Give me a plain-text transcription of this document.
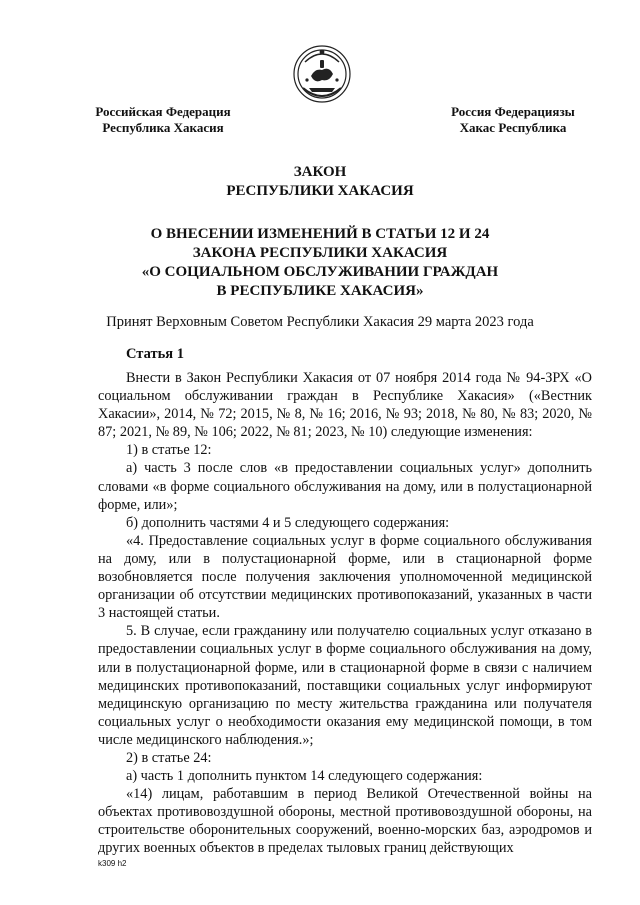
Российская Федерация
Республика Хакасия
Россия Федерациязы
Хакас Республика
ЗАКОН
РЕСПУБЛИКИ ХАКАСИЯ
О ВНЕСЕНИИ ИЗМЕНЕНИЙ В СТАТЬИ 12 И 24
ЗАКОНА РЕСПУБЛИКИ ХАКАСИЯ
«О СОЦИАЛЬНОМ ОБСЛУЖИВАНИИ ГРАЖДАН
В РЕСПУБЛИКЕ ХАКАСИЯ»
Принят Верховным Советом Республики Хакасия 29 марта 2023 года
Статья 1

Внести в Закон Республики Хакасия от 07 ноября 2014 года № 94-ЗРХ «О социальном обслуживании граждан в Республике Хакасия» («Вестник Хакасии», 2014, № 72; 2015, № 8, № 16; 2016, № 93; 2018, № 80, № 83; 2020, № 87; 2021, № 89, № 106; 2022, № 81; 2023, № 10) следующие изменения:

1) в статье 12:

а) часть 3 после слов «в предоставлении социальных услуг» дополнить словами «в форме социального обслуживания на дому, или в полустационарной форме, или»;

б) дополнить частями 4 и 5 следующего содержания:

«4. Предоставление социальных услуг в форме социального обслуживания на дому, или в полустационарной форме, или в стационарной форме возобновляется после получения заключения уполномоченной медицинской организации об отсутствии медицинских противопоказаний, указанных в части 3 настоящей статьи.

5. В случае, если гражданину или получателю социальных услуг отказано в предоставлении социальных услуг в форме социального обслуживания на дому, или в полустационарной форме, или в стационарной форме в связи с наличием медицинских противопоказаний, поставщики социальных услуг информируют медицинскую организацию по месту жительства гражданина или получателя социальных услуг о необходимости оказания ему медицинской помощи, в том числе медицинского наблюдения.»;

2) в статье 24:

а) часть 1 дополнить пунктом 14 следующего содержания:

«14) лицам, работавшим в период Великой Отечественной войны на объектах противовоздушной обороны, местной противовоздушной обороны, на строительстве оборонительных сооружений, военно-морских баз, аэродромов и других военных объектов в пределах тыловых границ действующих

k309 h2
